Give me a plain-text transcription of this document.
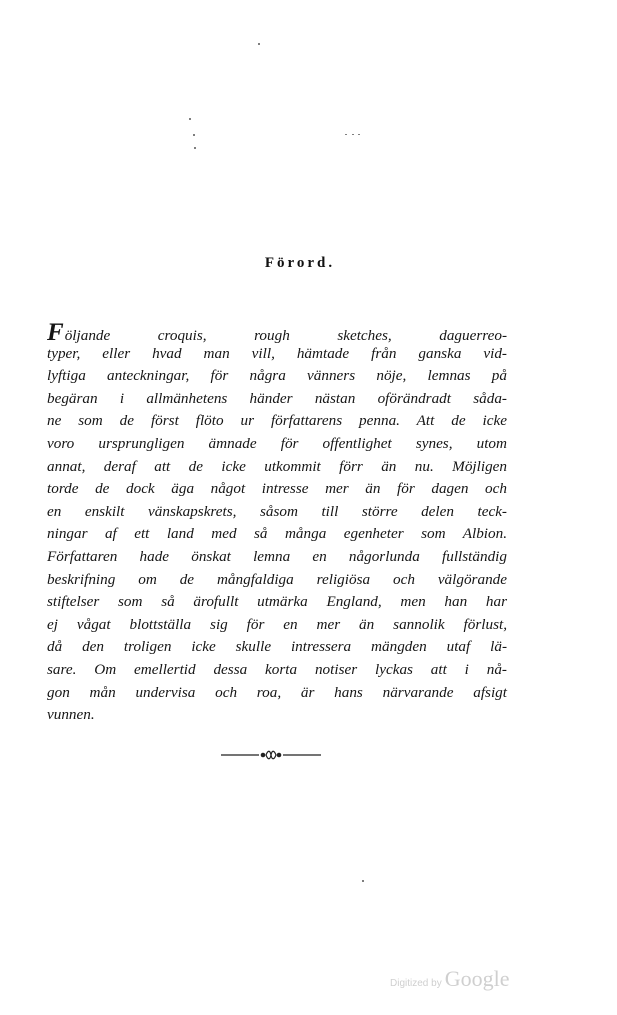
Förord.
Följande croquis, rough sketches, daguerreo-
typer, eller hvad man vill, hämtade från ganska vid-
lyftiga anteckningar, för några vänners nöje, lemnas på
begäran i allmänhetens händer nästan oförändradt såda-
ne som de först flöto ur författarens penna. Att de icke
voro ursprungligen ämnade för offentlighet synes, utom
annat, deraf att de icke utkommit förr än nu. Möjligen
torde de dock äga något intresse mer än för dagen och
en enskilt vänskapskrets, såsom till större delen teck-
ningar af ett land med så många egenheter som Albion.
Författaren hade önskat lemna en någorlunda fullständig
beskrifning om de mångfaldiga religiösa och välgörande
stiftelser som så ärofullt utmärka England, men han har
ej vågat blottställa sig för en mer än sannolik förlust,
då den troligen icke skulle intressera mängden utaf lä-
sare. Om emellertid dessa korta notiser lyckas att i nå-
gon mån undervisa och roa, är hans närvarande afsigt
vunnen.
Digitized by Google
